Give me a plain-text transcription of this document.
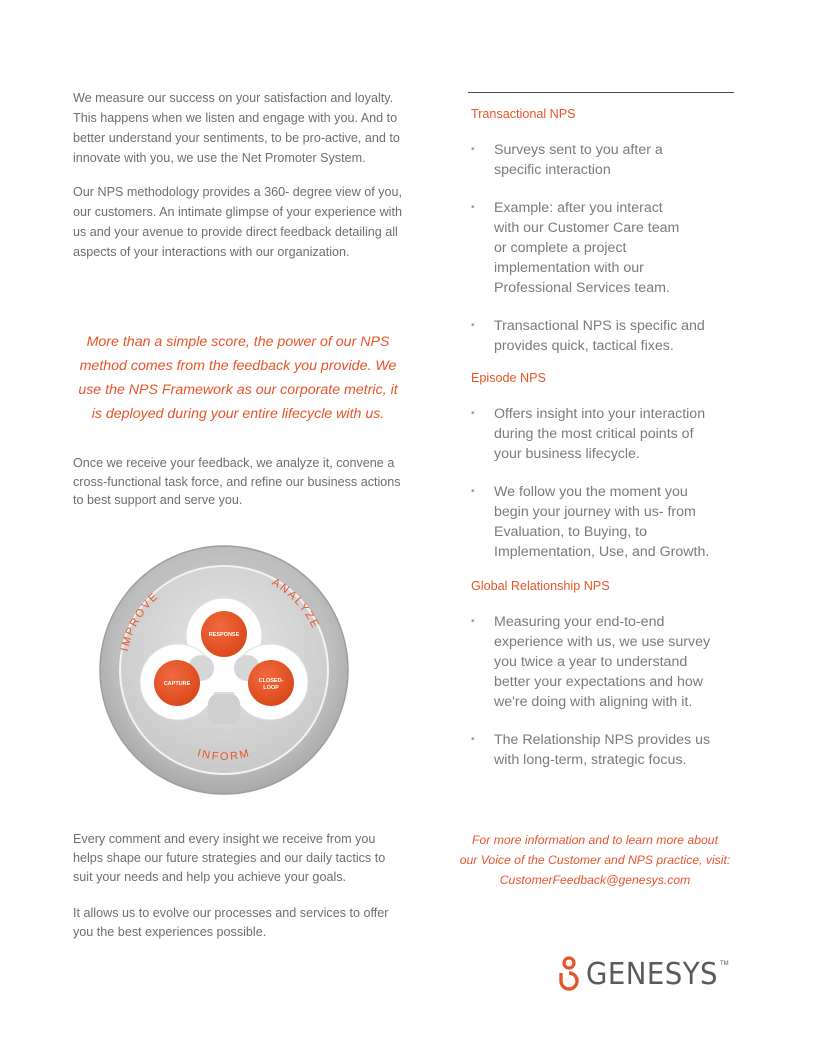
We measure our success on your satisfaction and loyalty. This happens when we listen and engage with you. And to better understand your sentiments, to be pro-active, and to innovate with you, we use the Net Promoter System.

Our NPS methodology provides a 360- degree view of you, our customers. An intimate glimpse of your experience with us and your avenue to provide direct feedback detailing all aspects of your interactions with our organization.

More than a simple score, the power of our NPS method comes from the feedback you provide. We use the NPS Framework as our corporate metric, it is deployed during your entire lifecycle with us.

Once we receive your feedback, we analyze it, convene a cross-functional task force, and refine our business actions to best support and serve you.

IMPROVE
ANALYZE
INFORM
RESPONSE
CAPTURE	CLOSED-
LOOP

Every comment and every insight we receive from you helps shape our future strategies and our daily tactics to suit your needs and help you achieve your goals.

It allows us to evolve our processes and services to offer you the best experiences possible.

Transactional NPS
• Surveys sent to you after a specific interaction
• Example: after you interact with our Customer Care team or complete a project implementation with our Professional Services team.
• Transactional NPS is specific and provides quick, tactical fixes.
Episode NPS
• Offers insight into your interaction during the most critical points of your business lifecycle.
• We follow you the moment you begin your journey with us- from Evaluation, to Buying, to Implementation, Use, and Growth.
Global Relationship NPS
• Measuring your end-to-end experience with us, we use survey you twice a year to understand better your expectations and how we're doing with aligning with it.
• The Relationship NPS provides us with long-term, strategic focus.
For more information and to learn more about
our Voice of the Customer and NPS practice, visit:
CustomerFeedback@genesys.com
GENESYS TM
